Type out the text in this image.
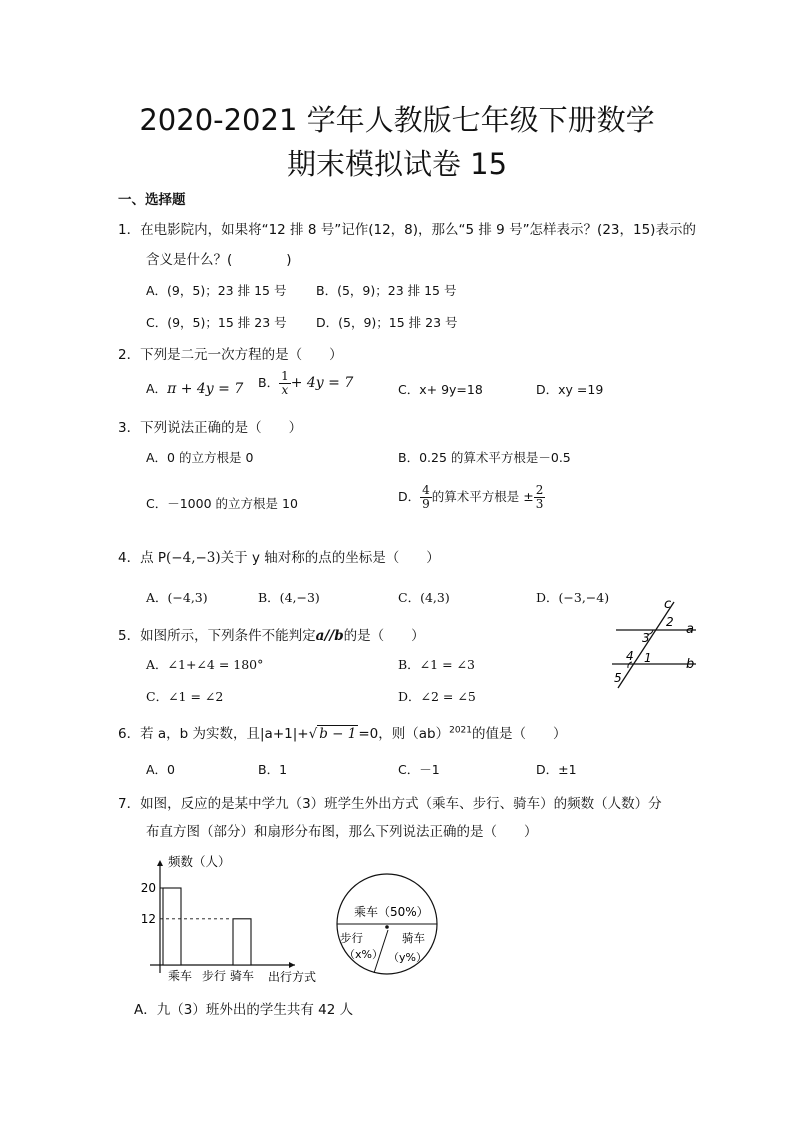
2020-2021 学年人教版七年级下册数学
期末模拟试卷 15
一、选择题
1．在电影院内，如果将“12 排 8 号”记作(12，8)，那么“5 排 9 号”怎样表示？(23，15)表示的
含义是什么？(　　　　)
A．(9，5)；23 排 15 号 B．(5，9)；23 排 15 号
C．(9，5)；15 排 23 号 D．(5，9)；15 排 23 号
2．下列是二元一次方程的是（　　）
A．π + 4y = 7 B． $\frac{1}{x} + 4y = 7$	C．x+ 9y=18	D．xy =19
3．下列说法正确的是（　　）
A．0 的立方根是 0	B．0.25 的算术平方根是－0.5
C．－1000 的立方根是 10	D． $\frac{4}{9}$ 的算术平方根是 ± $\frac{2}{3}$
4．点 P(−4,−3)关于 y 轴对称的点的坐标是（　　）
A．(−4,3)	B．(4,−3)	C．(4,3)	D．(−3,−4)
5．如图所示，下列条件不能判定a//b的是（　　）
A．∠1+∠4 = 180°	B．∠1 = ∠3
C．∠1 = ∠2	D．∠2 = ∠5
c
2 a
3
4 1	b
5
6．若 a，b 为实数，且|a+1|+√ b − 1 =0，则（ab）$^{2021}$的值是（　　）
A．0	B．1	C．－1	D．±1
7．如图，反应的是某中学九（3）班学生外出方式（乘车、步行、骑车）的频数（人数）分
布直方图（部分）和扇形分布图，那么下列说法正确的是（　　）
频数（人）
出行方式
乘车 步行 骑车
12
20
乘车（50%）
步行
（x%）
骑车
（y%）
A．九（3）班外出的学生共有 42 人
